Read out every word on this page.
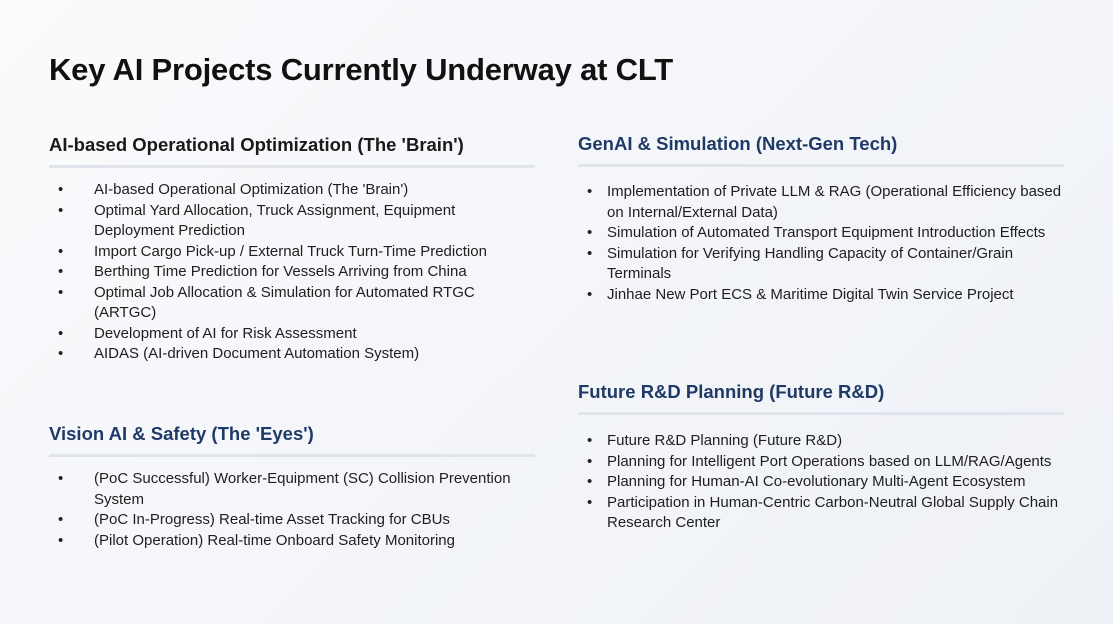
Key AI Projects Currently Underway at CLT
AI-based Operational Optimization (The 'Brain')
• AI-based Operational Optimization (The 'Brain')
• Optimal Yard Allocation, Truck Assignment, Equipment Deployment Prediction
• Import Cargo Pick-up / External Truck Turn-Time Prediction
• Berthing Time Prediction for Vessels Arriving from China
• Optimal Job Allocation & Simulation for Automated RTGC (ARTGC)
• Development of AI for Risk Assessment
• AIDAS (AI-driven Document Automation System)
Vision AI & Safety (The 'Eyes')
• (PoC Successful) Worker-Equipment (SC) Collision Prevention System
• (PoC In-Progress) Real-time Asset Tracking for CBUs
• (Pilot Operation) Real-time Onboard Safety Monitoring
GenAI & Simulation (Next-Gen Tech)
• Implementation of Private LLM & RAG (Operational Efficiency based on Internal/External Data)
• Simulation of Automated Transport Equipment Introduction Effects
• Simulation for Verifying Handling Capacity of Container/Grain Terminals
• Jinhae New Port ECS & Maritime Digital Twin Service Project
Future R&D Planning (Future R&D)
• Future R&D Planning (Future R&D)
• Planning for Intelligent Port Operations based on LLM/RAG/Agents
• Planning for Human-AI Co-evolutionary Multi-Agent Ecosystem
• Participation in Human-Centric Carbon-Neutral Global Supply Chain Research Center
